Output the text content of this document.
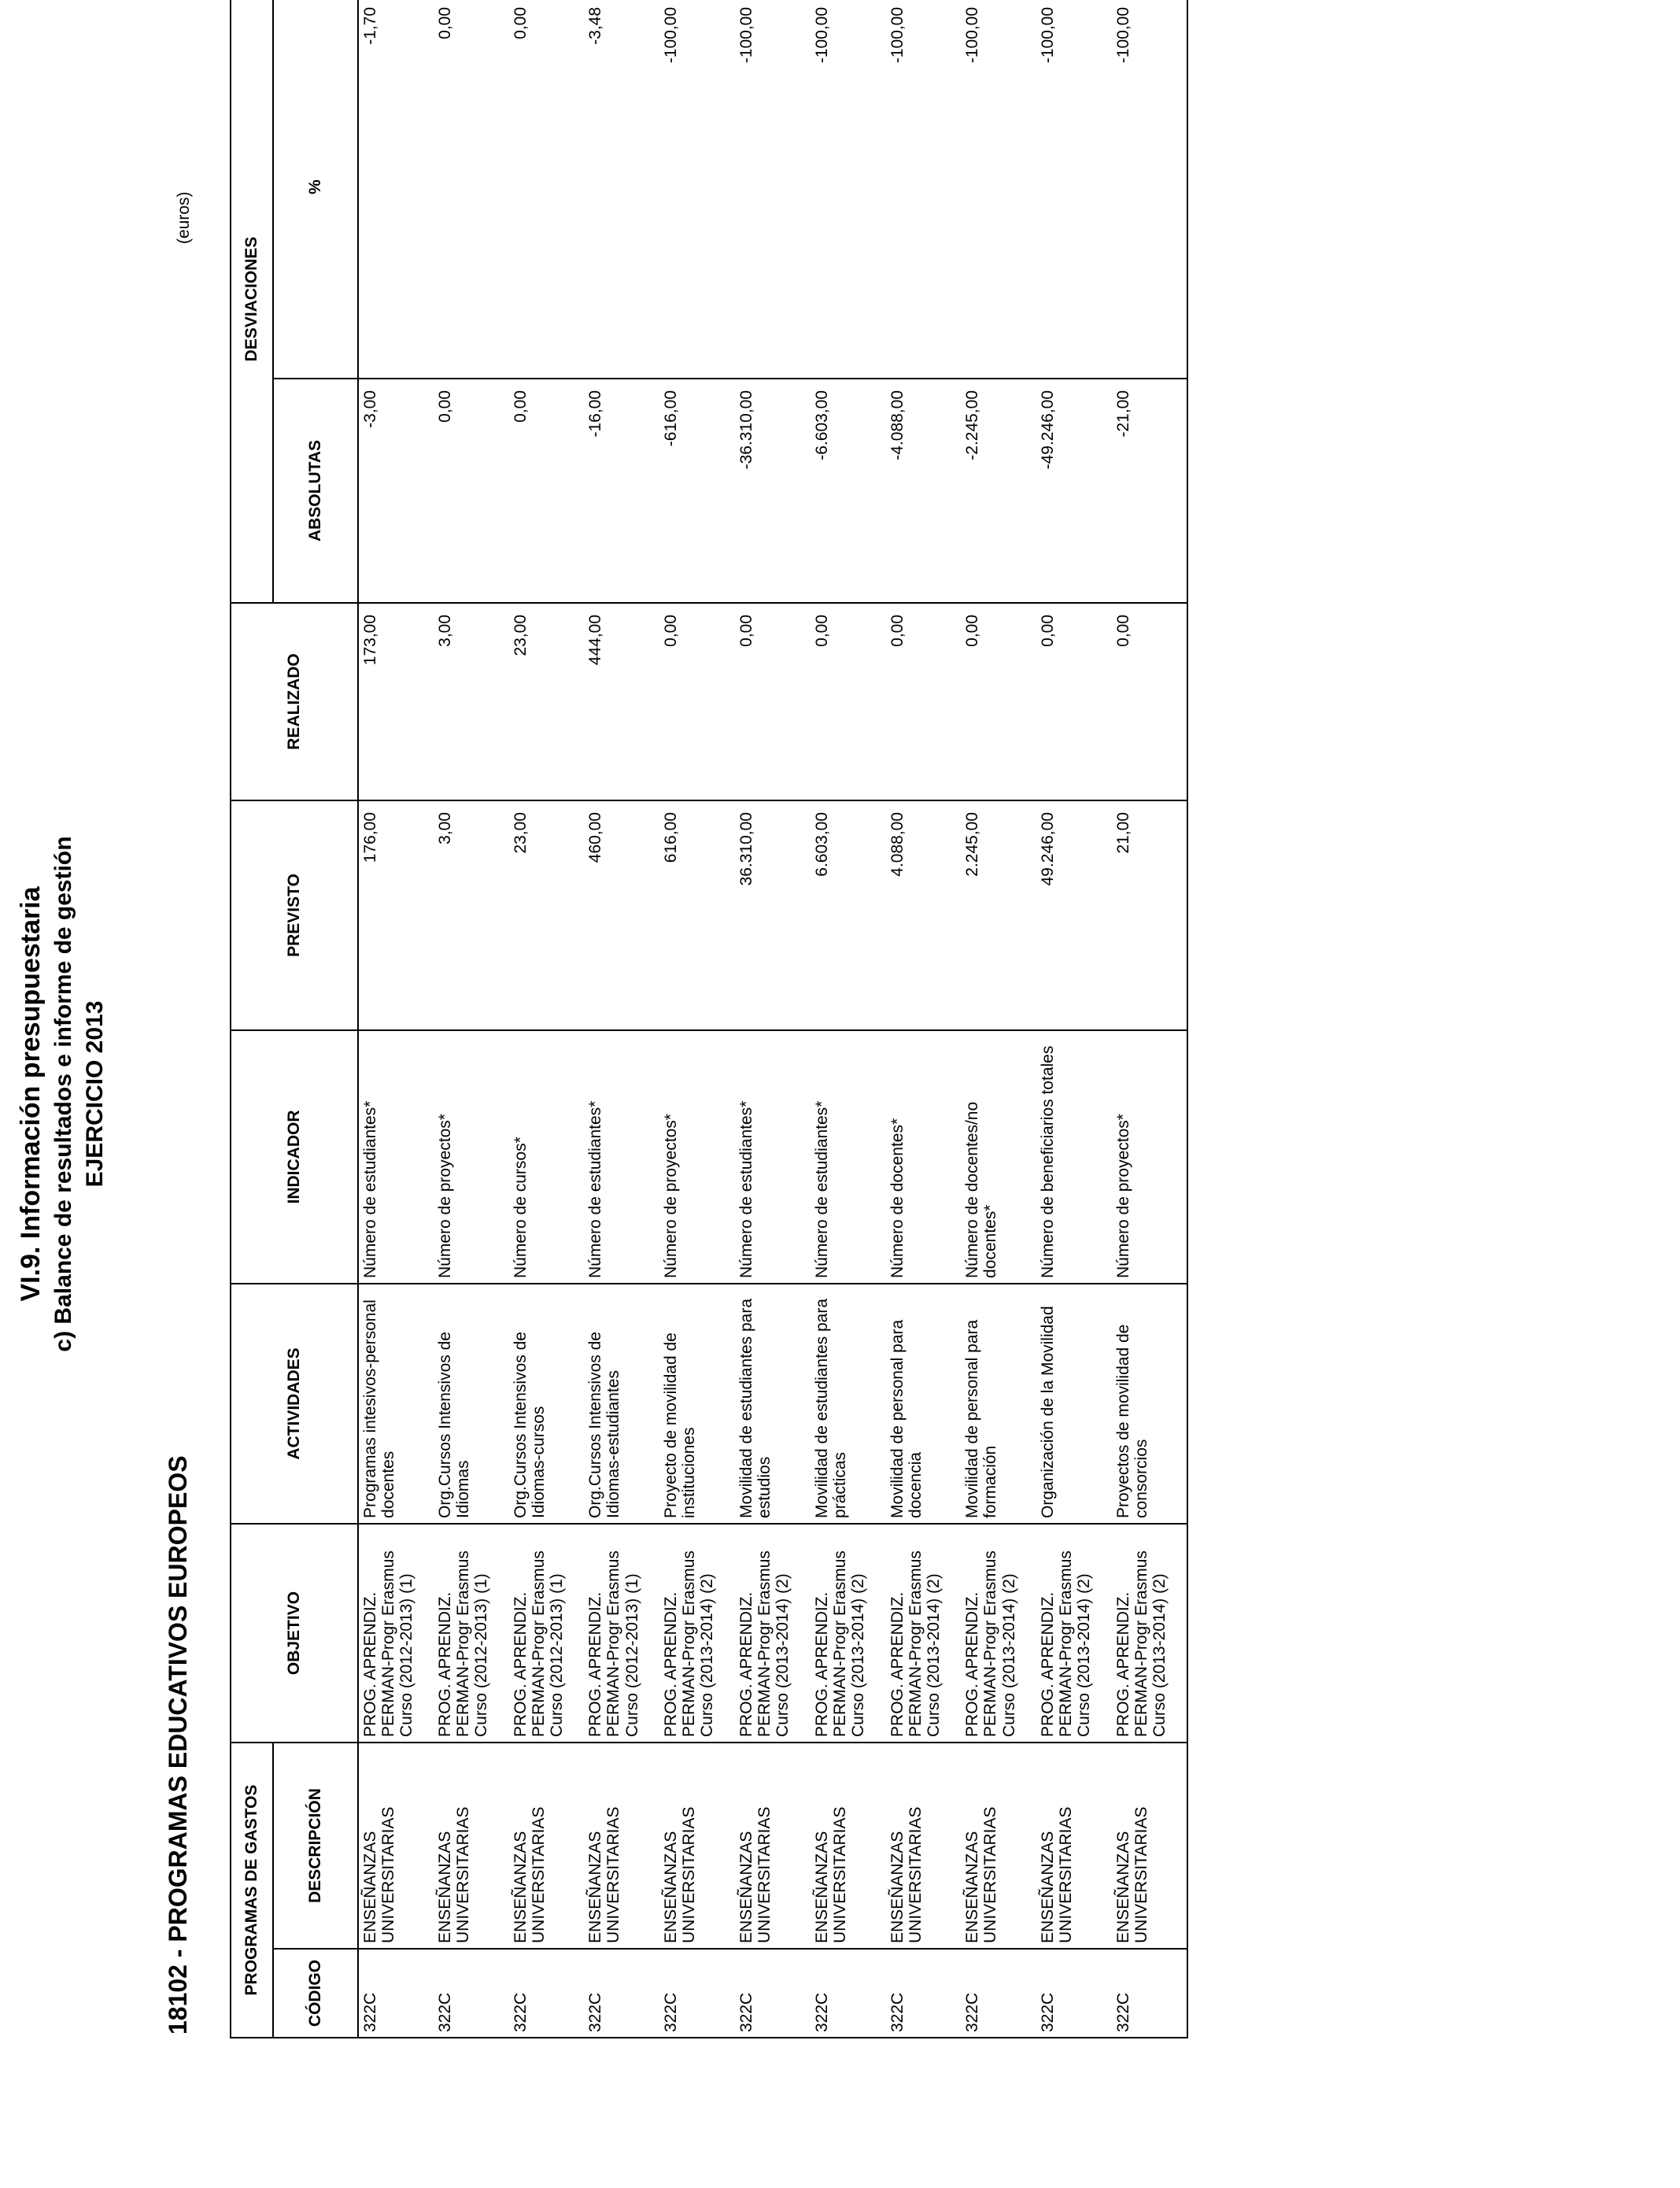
VI.9. Información presupuestaria c) Balance de resultados e informe de gestión EJERCICIO 2013
18102 - PROGRAMAS EDUCATIVOS EUROPEOS
(euros)
PROGRAMAS DE GASTOS		OBJETIVO	ACTIVIDADES	INDICADOR	PREVISTO	REALIZADO	DESVIACIONES	
CÓDIGO	DESCRIPCIÓN						ABSOLUTAS	%
322C	ENSEÑANZAS UNIVERSITARIAS	PROG. APRENDIZ. PERMAN-Progr Erasmus Curso (2012-2013) (1)	Programas intesivos-personal docentes	Número de estudiantes*	176,00	173,00	-3,00	-1,70
322C	ENSEÑANZAS UNIVERSITARIAS	PROG. APRENDIZ. PERMAN-Progr Erasmus Curso (2012-2013) (1)	Org.Cursos Intensivos de Idiomas	Número de proyectos*	3,00	3,00	0,00	0,00
322C	ENSEÑANZAS UNIVERSITARIAS	PROG. APRENDIZ. PERMAN-Progr Erasmus Curso (2012-2013) (1)	Org.Cursos Intensivos de Idiomas-cursos	Número de cursos*	23,00	23,00	0,00	0,00
322C	ENSEÑANZAS UNIVERSITARIAS	PROG. APRENDIZ. PERMAN-Progr Erasmus Curso (2012-2013) (1)	Org.Cursos Intensivos de Idiomas-estudiantes	Número de estudiantes*	460,00	444,00	-16,00	-3,48
322C	ENSEÑANZAS UNIVERSITARIAS	PROG. APRENDIZ. PERMAN-Progr Erasmus Curso (2013-2014) (2)	Proyecto de movilidad de instituciones	Número de proyectos*	616,00	0,00	-616,00	-100,00
322C	ENSEÑANZAS UNIVERSITARIAS	PROG. APRENDIZ. PERMAN-Progr Erasmus Curso (2013-2014) (2)	Movilidad de estudiantes para estudios	Número de estudiantes*	36.310,00	0,00	-36.310,00	-100,00
322C	ENSEÑANZAS UNIVERSITARIAS	PROG. APRENDIZ. PERMAN-Progr Erasmus Curso (2013-2014) (2)	Movilidad de estudiantes para prácticas	Número de estudiantes*	6.603,00	0,00	-6.603,00	-100,00
322C	ENSEÑANZAS UNIVERSITARIAS	PROG. APRENDIZ. PERMAN-Progr Erasmus Curso (2013-2014) (2)	Movilidad de personal para docencia	Número de docentes*	4.088,00	0,00	-4.088,00	-100,00
322C	ENSEÑANZAS UNIVERSITARIAS	PROG. APRENDIZ. PERMAN-Progr Erasmus Curso (2013-2014) (2)	Movilidad de personal para formación	Número de docentes/no docentes*	2.245,00	0,00	-2.245,00	-100,00
322C	ENSEÑANZAS UNIVERSITARIAS	PROG. APRENDIZ. PERMAN-Progr Erasmus Curso (2013-2014) (2)	Organización de la Movilidad	Número de beneficiarios totales	49.246,00	0,00	-49.246,00	-100,00
322C	ENSEÑANZAS UNIVERSITARIAS	PROG. APRENDIZ. PERMAN-Progr Erasmus Curso (2013-2014) (2)	Proyectos de movilidad de consorcios	Número de proyectos*	21,00	0,00	-21,00	-100,00
